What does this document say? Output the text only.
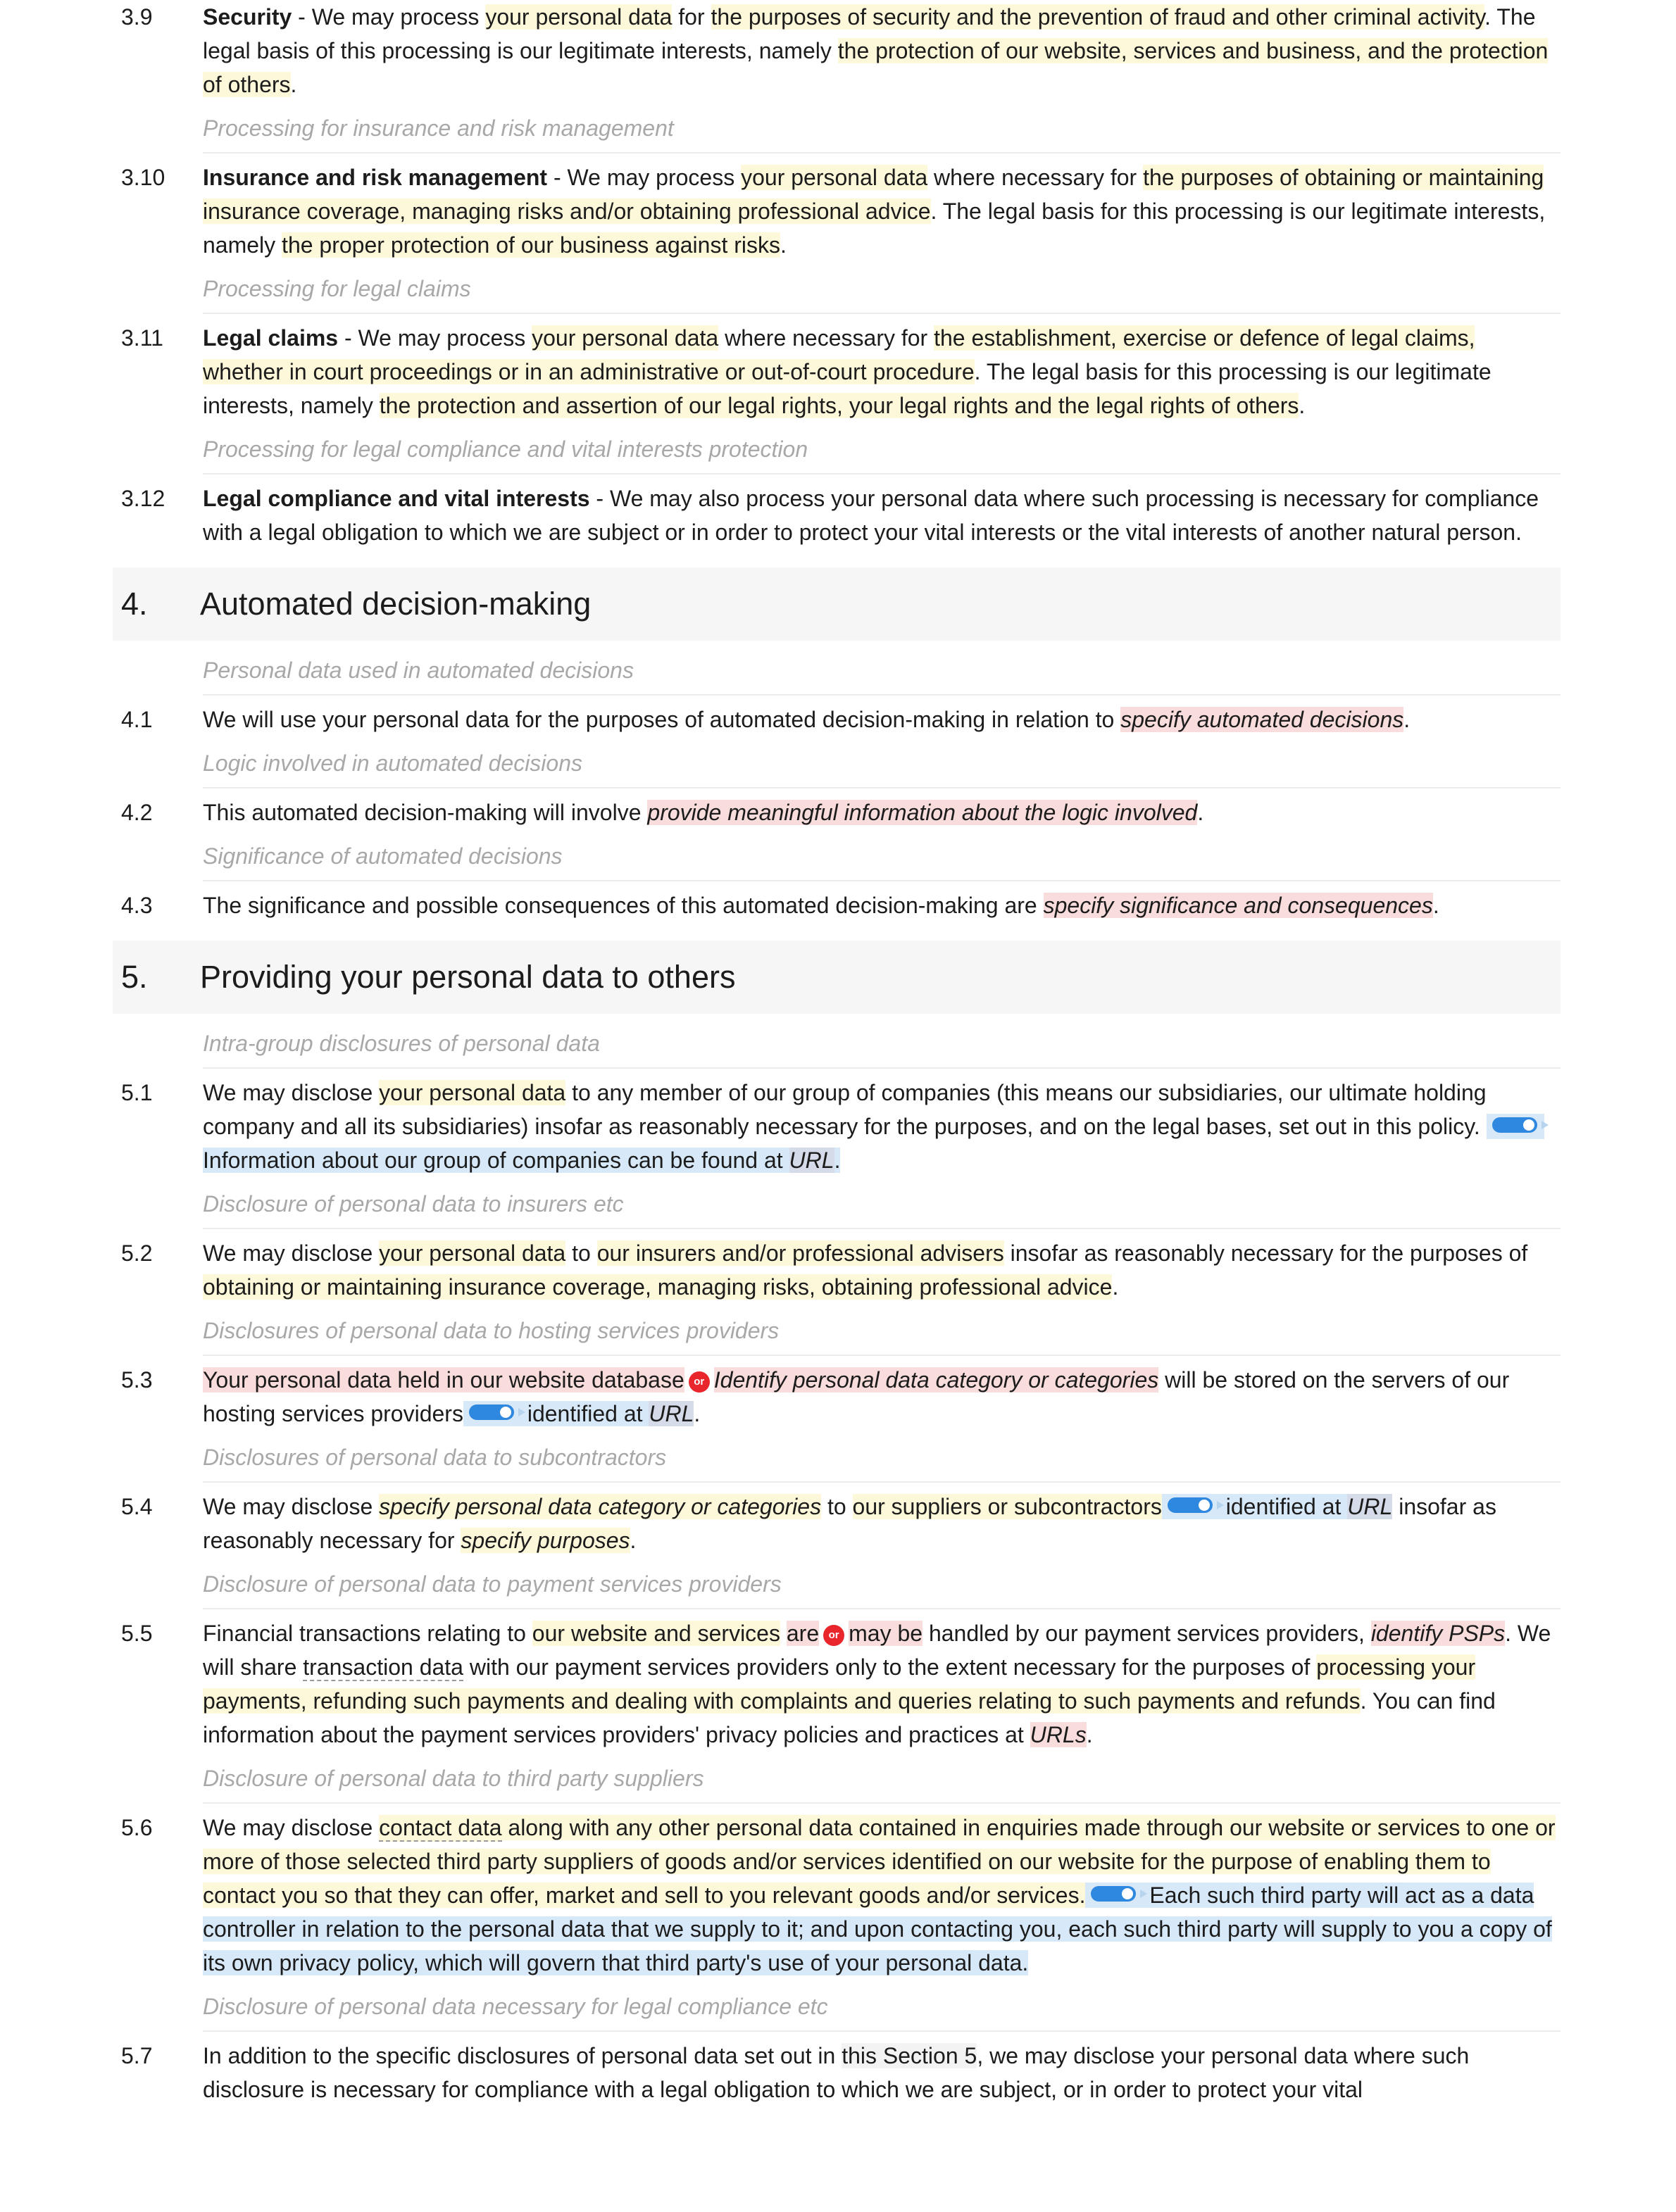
3.9	Security - We may process your personal data for the purposes of security and the prevention of fraud and other criminal activity. The legal basis of this processing is our legitimate interests, namely the protection of our website, services and business, and the protection of others.
Processing for insurance and risk management
3.10	Insurance and risk management - We may process your personal data where necessary for the purposes of obtaining or maintaining insurance coverage, managing risks and/or obtaining professional advice. The legal basis for this processing is our legitimate interests, namely the proper protection of our business against risks.
Processing for legal claims
3.11	Legal claims - We may process your personal data where necessary for the establishment, exercise or defence of legal claims, whether in court proceedings or in an administrative or out-of-court procedure. The legal basis for this processing is our legitimate interests, namely the protection and assertion of our legal rights, your legal rights and the legal rights of others.
Processing for legal compliance and vital interests protection
3.12	Legal compliance and vital interests - We may also process your personal data where such processing is necessary for compliance with a legal obligation to which we are subject or in order to protect your vital interests or the vital interests of another natural person.
4.	Automated decision-making
Personal data used in automated decisions
4.1	We will use your personal data for the purposes of automated decision-making in relation to specify automated decisions.
Logic involved in automated decisions
4.2	This automated decision-making will involve provide meaningful information about the logic involved.
Significance of automated decisions
4.3	The significance and possible consequences of this automated decision-making are specify significance and consequences.
5.	Providing your personal data to others
Intra-group disclosures of personal data
5.1	We may disclose your personal data to any member of our group of companies (this means our subsidiaries, our ultimate holding company and all its subsidiaries) insofar as reasonably necessary for the purposes, and on the legal bases, set out in this policy.  Information about our group of companies can be found at URL.
Disclosure of personal data to insurers etc
5.2	We may disclose your personal data to our insurers and/or professional advisers insofar as reasonably necessary for the purposes of obtaining or maintaining insurance coverage, managing risks, obtaining professional advice.
Disclosures of personal data to hosting services providers
5.3	Your personal data held in our website database or Identify personal data category or categories will be stored on the servers of our hosting services providers	identified at URL.
Disclosures of personal data to subcontractors
5.4	We may disclose specify personal data category or categories to our suppliers or subcontractors	identified at URL insofar as reasonably necessary for specify purposes.
Disclosure of personal data to payment services providers
5.5	Financial transactions relating to our website and services are or may be handled by our payment services providers, identify PSPs. We will share transaction data with our payment services providers only to the extent necessary for the purposes of processing your payments, refunding such payments and dealing with complaints and queries relating to such payments and refunds. You can find information about the payment services providers' privacy policies and practices at URLs.
Disclosure of personal data to third party suppliers
5.6	We may disclose contact data along with any other personal data contained in enquiries made through our website or services to one or more of those selected third party suppliers of goods and/or services identified on our website for the purpose of enabling them to contact you so that they can offer, market and sell to you relevant goods and/or services.	Each such third party will act as a data controller in relation to the personal data that we supply to it; and upon contacting you, each such third party will supply to you a copy of its own privacy policy, which will govern that third party's use of your personal data.
Disclosure of personal data necessary for legal compliance etc
5.7	In addition to the specific disclosures of personal data set out in this Section 5, we may disclose your personal data where such disclosure is necessary for compliance with a legal obligation to which we are subject, or in order to protect your vital
